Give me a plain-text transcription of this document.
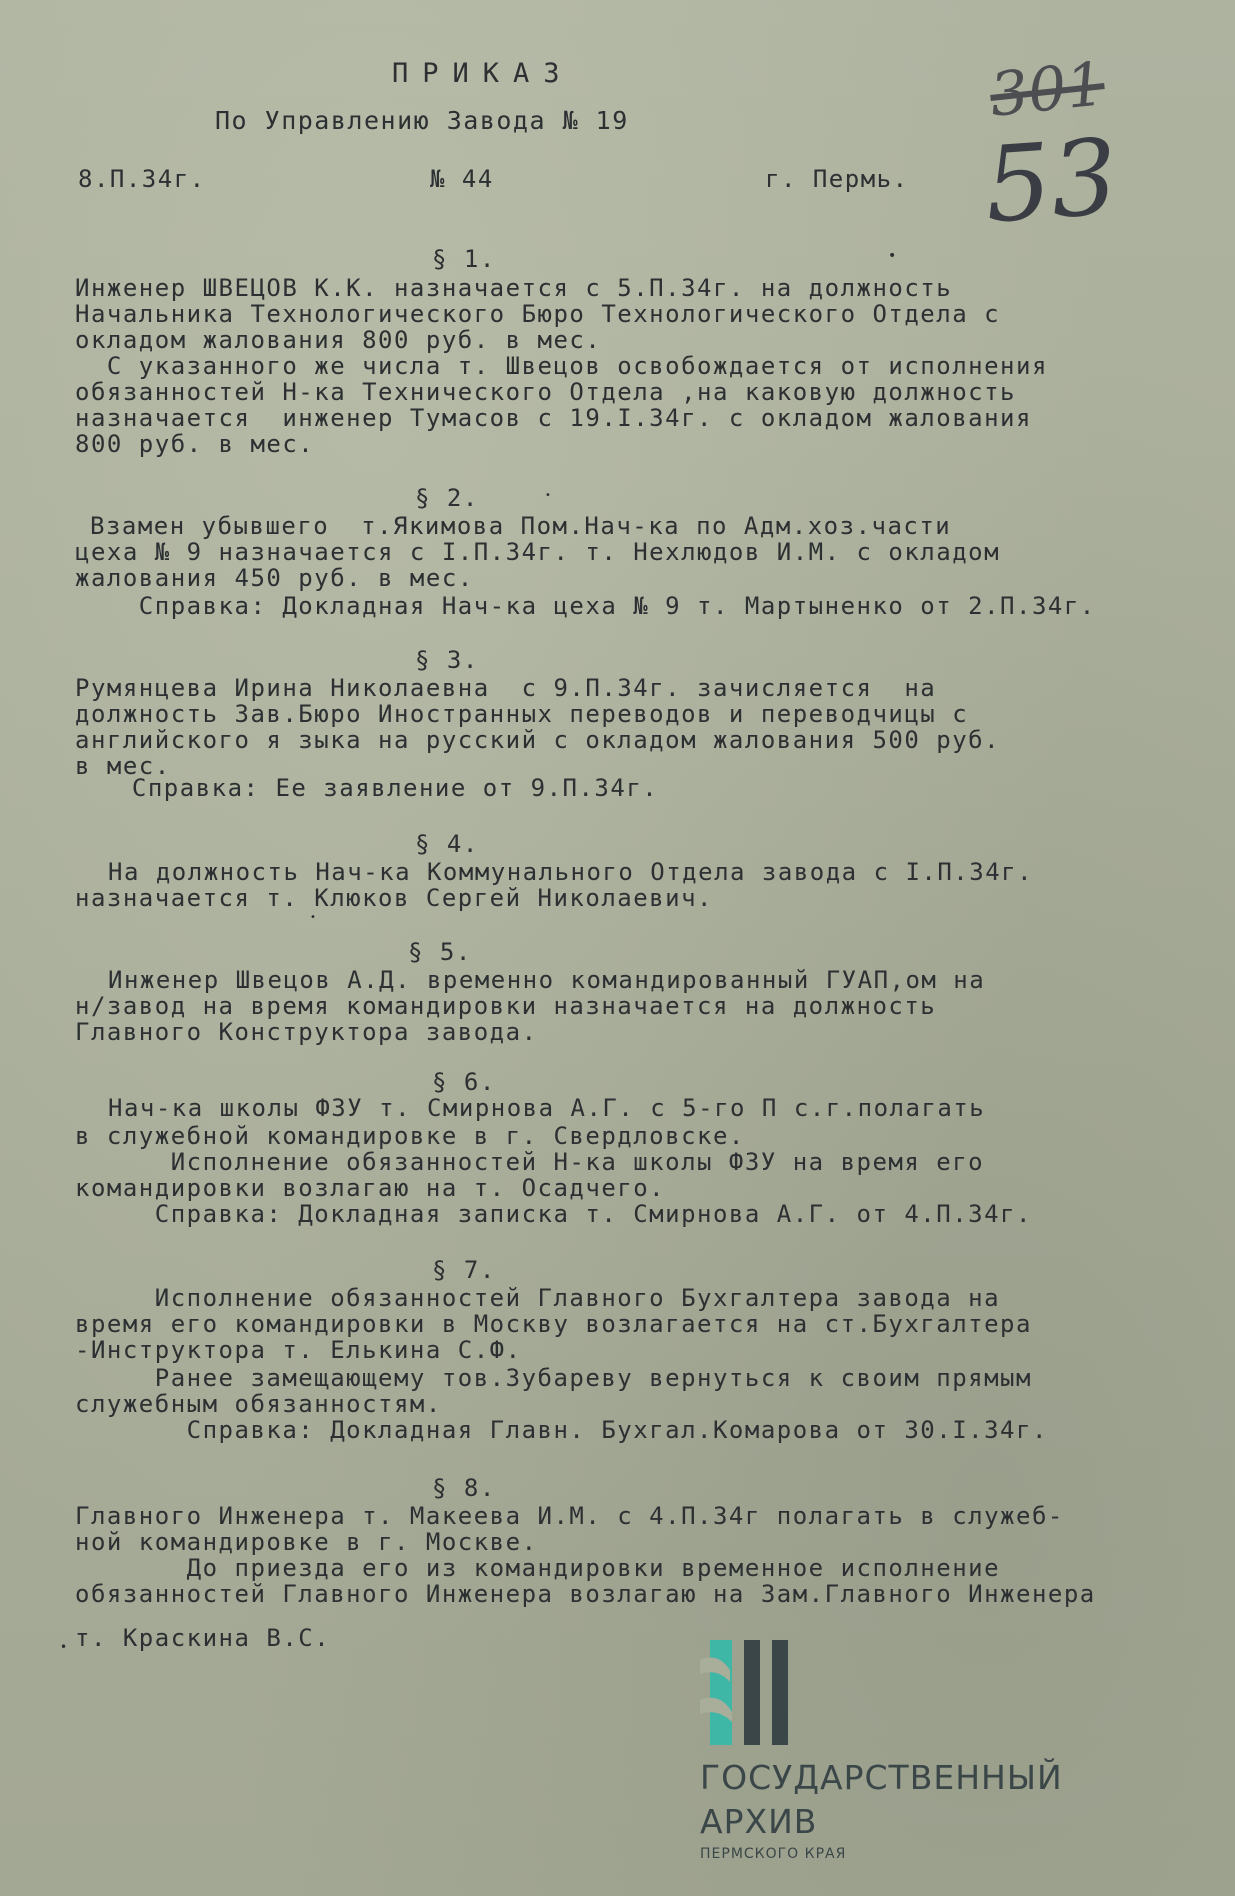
ПРИКАЗ
По Управлению Завода № 19
8.П.34г.	№ 44	г. Пермь.
301
53
•
•
•
•
§ 1.
Инженер ШВЕЦОВ К.К. назначается с 5.П.34г. на должность
Начальника Технологического Бюро Технологического Отдела с
окладом жалования 800 руб. в мес.
С указанного же числа т. Швецов освобождается от исполнения
обязанностей Н-ка Технического Отдела ,на каковую должность
назначается  инженер Тумасов с 19.I.34г. с окладом жалования
800 руб. в мес.
§ 2.
Взамен убывшего  т.Якимова Пом.Нач-ка по Адм.хоз.части
цеха № 9 назначается с I.П.34г. т. Нехлюдов И.М. с окладом
жалования 450 руб. в мес.
Справка: Докладная Нач-ка цеха № 9 т. Мартыненко от 2.П.34г.
§ 3.
Румянцева Ирина Николаевна  с 9.П.34г. зачисляется  на
должность Зав.Бюро Иностранных переводов и переводчицы с
английского я зыка на русский с окладом жалования 500 руб.
в мес.
Справка: Ее заявление от 9.П.34г.
§ 4.
На должность Нач-ка Коммунального Отдела завода с I.П.34г.
назначается т. Клюков Сергей Николаевич.
§ 5.
Инженер Швецов А.Д. временно командированный ГУАП,ом на
н/завод на время командировки назначается на должность
Главного Конструктора завода.
§ 6.
Нач-ка школы ФЗУ т. Смирнова А.Г. с 5-го П с.г.полагать
в служебной командировке в г. Свердловске.
Исполнение обязанностей Н-ка школы ФЗУ на время его
командировки возлагаю на т. Осадчего.
Справка: Докладная записка т. Смирнова А.Г. от 4.П.34г.
§ 7.
Исполнение обязанностей Главного Бухгалтера завода на
время его командировки в Москву возлагается на ст.Бухгалтера
-Инструктора т. Елькина С.Ф.
Ранее замещающему тов.Зубареву вернуться к своим прямым
служебным обязанностям.
Справка: Докладная Главн. Бухгал.Комарова от 30.I.34г.
§ 8.
Главного Инженера т. Макеева И.М. с 4.П.34г полагать в служеб-
ной командировке в г. Москве.
До приезда его из командировки временное исполнение
обязанностей Главного Инженера возлагаю на Зам.Главного Инженера
т. Краскина В.С.
ГОСУДАРСТВЕННЫЙ
АРХИВ
ПЕРМСКОГО КРАЯ
